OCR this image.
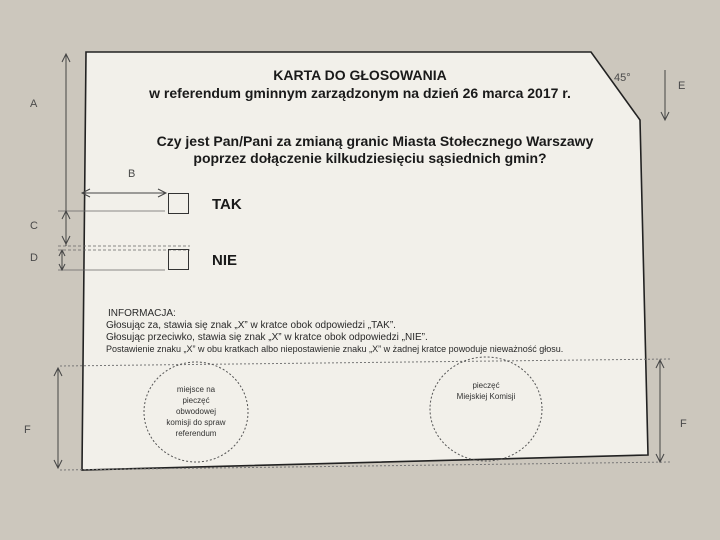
KARTA DO GŁOSOWANIA
w referendum gminnym zarządzonym na dzień 26 marca 2017 r.
Czy jest Pan/Pani za zmianą granic Miasta Stołecznego Warszawy
poprzez dołączenie kilkudziesięciu sąsiednich gmin?
TAK
NIE
INFORMACJA:
Głosując za, stawia się znak „X” w kratce obok odpowiedzi „TAK”.
Głosując przeciwko, stawia się znak „X” w kratce obok odpowiedzi „NIE”.
Postawienie znaku „X” w obu kratkach albo niepostawienie znaku „X” w żadnej kratce powoduje nieważność głosu.
miejsce na pieczęć obwodowej komisji do spraw referendum
pieczęć Miejskiej Komisji
A
B
C
D
E
F	F
45°
